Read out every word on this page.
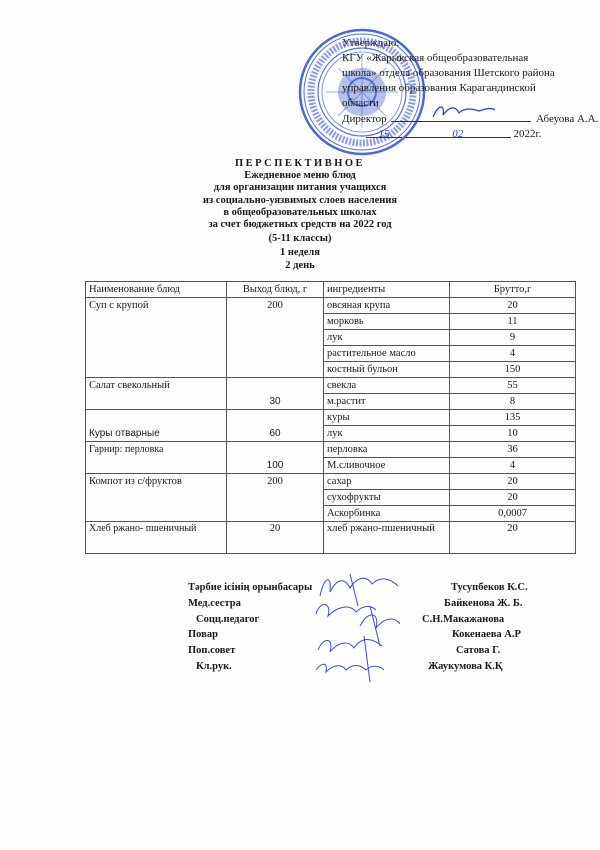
Утверждаю:
КГУ «Жарыкская общеобразовательная
школа» отдела образования Шетского района
управления образования Карагандинской
области
Директор	Абеуова А.А.
15	02	2022г.
ПЕРСПЕКТИВНОЕ
Ежедневное меню блюд
для организации питания учащихся
из социально-уязвимых слоев населения
в общеобразовательных школах
за счет бюджетных средств на 2022 год
(5-11 классы)
1 неделя
2 день
Наименование блюд	Выход блюд, г	ингредиенты	Брутто,г
Суп с крупой	200	овсяная крупа	20
		морковь	11
		лук	9
		растительное масло	4
		костный бульон	150
Салат свекольный	30	свекла	55
		м.растит	8
Куры отварные	60	куры	135
		лук	10
Гарнир: перловка	100	перловка	36
		М.сливочное	4
Компот из с/фруктов	200	сахар	20
		сухофрукты	20
		Аскорбинка	0,0007
Хлеб ржано- пшеничный	20	хлеб ржано-пшеничный	20
Тәрбие ісінің орынбасары	Тусупбеков К.С.
Мед.сестра	Байкенова Ж. Б.
Соцц.педагог	С.Н.Макажанова
Повар	Кокенаева А.Р
Поп.совет	Сатова Г.
Кл.рук.	Жаукумова К.Қ
